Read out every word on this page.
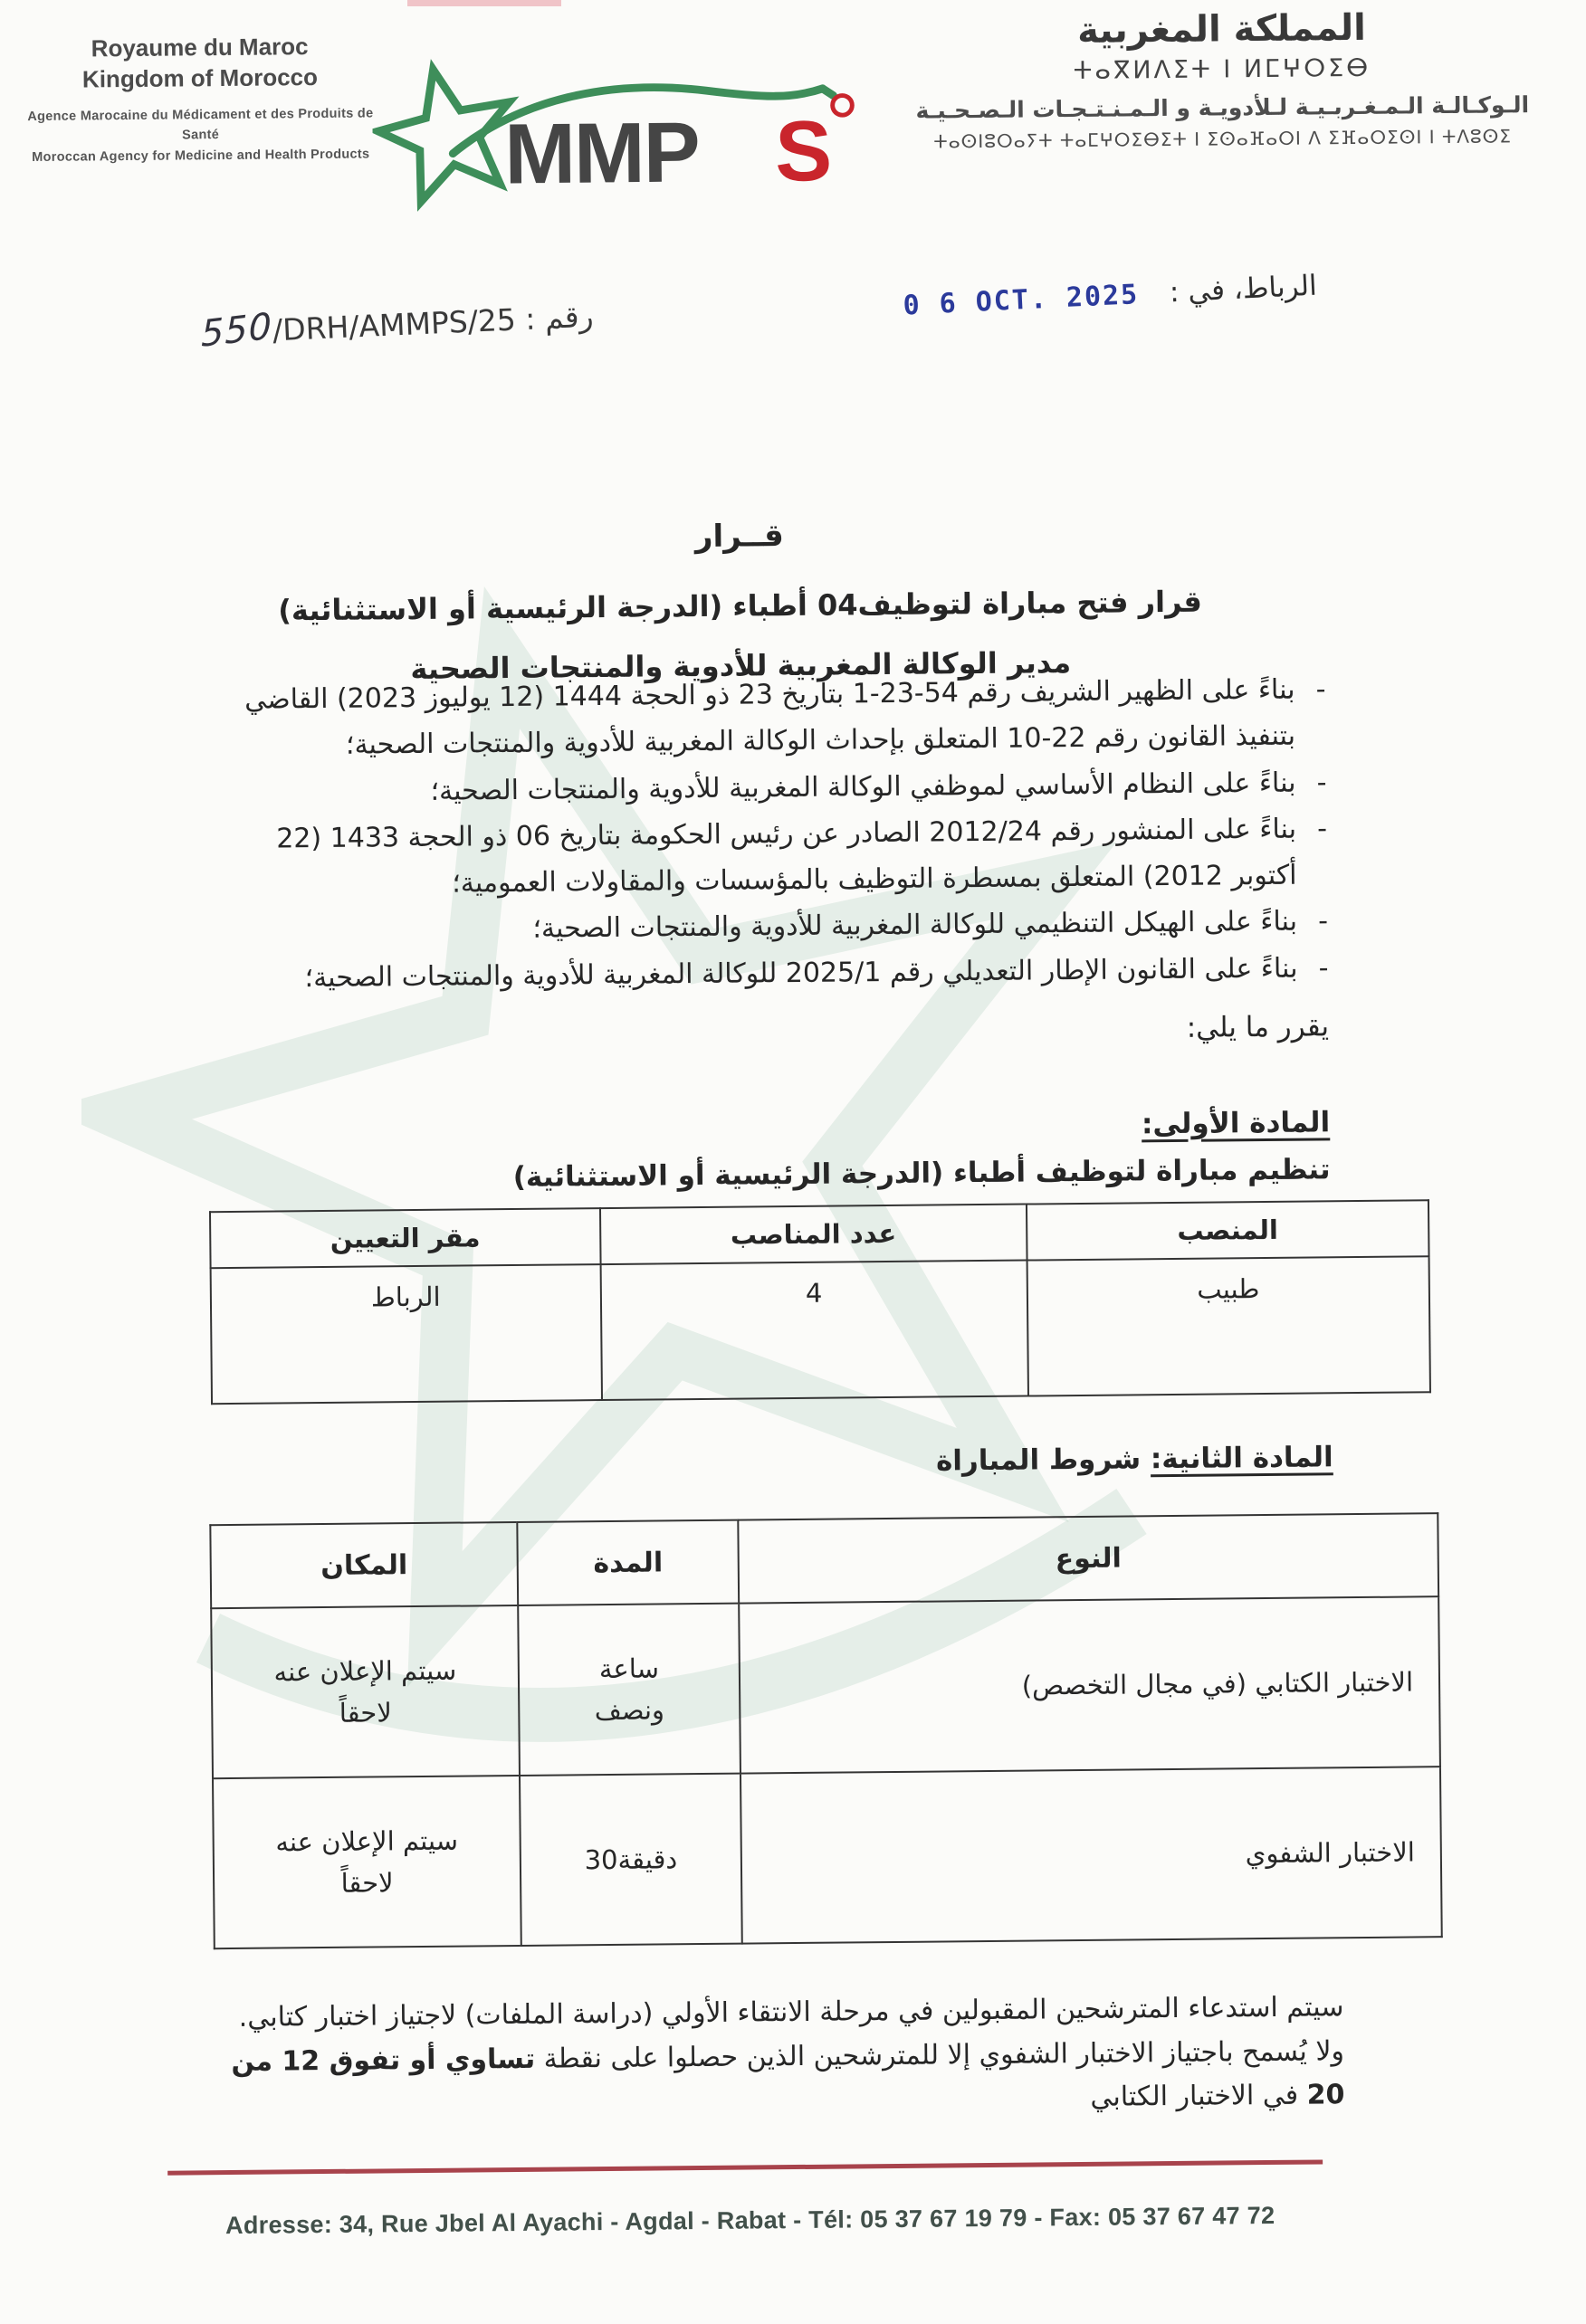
Royaume du Maroc
Kingdom of Morocco
Agence Marocaine du Médicament et des Produits de Santé
Moroccan Agency for Medicine and Health Products MMP S
المملكة المغربية
ⵜⴰⴳⵍⴷⵉⵜ ⵏ ⵍⵎⵖⵔⵉⴱ
الـوكـالـة الـمـغـربـيـة لـلأدويـة و الـمـنـتـجـات الـصـحـيـة
ⵜⴰⵙⵏⵓⵔⴰⵢⵜ ⵜⴰⵎⵖⵔⵉⴱⵉⵜ ⵏ ⵉⵙⴰⴼⴰⵔⵏ ⴷ ⵉⴼⴰⵔⵉⵙⵏ ⵏ ⵜⴷⵓⵙⵉ
0 6 OCT. 2025 الرباط، في :
رقم : 550/DRH/AMMPS/25
قــرار
قرار فتح مباراة لتوظيف04 أطباء (الدرجة الرئيسية أو الاستثنائية)
مدير الوكالة المغربية للأدوية والمنتجات الصحية
-
بناءً على الظهير الشريف رقم 54-23-1 بتاريخ 23 ذو الحجة 1444 (12 يوليوز 2023) القاضي بتنفيذ القانون رقم 22-10 المتعلق بإحداث الوكالة المغربية للأدوية والمنتجات الصحية؛
-
بناءً على النظام الأساسي لموظفي الوكالة المغربية للأدوية والمنتجات الصحية؛
-
بناءً على المنشور رقم 2012/24 الصادر عن رئيس الحكومة بتاريخ 06 ذو الحجة 1433 (22 أكتوبر 2012) المتعلق بمسطرة التوظيف بالمؤسسات والمقاولات العمومية؛
-
بناءً على الهيكل التنظيمي للوكالة المغربية للأدوية والمنتجات الصحية؛
-
بناءً على القانون الإطار التعديلي رقم 2025/1 للوكالة المغربية للأدوية والمنتجات الصحية؛
يقرر ما يلي:
المادة الأولى:
تنظيم مباراة لتوظيف أطباء (الدرجة الرئيسية أو الاستثنائية)
المنصب	عدد المناصب	مقر التعيين
طبيب	4	الرباط
المادة الثانية: شروط المباراة
النوع	المدة	المكان
الاختبار الكتابي (في مجال التخصص)	ساعة ونصف	سيتم الإعلان عنه لاحقاً
الاختبار الشفوي	30دقيقة	سيتم الإعلان عنه لاحقاً
سيتم استدعاء المترشحين المقبولين في مرحلة الانتقاء الأولي (دراسة الملفات) لاجتياز اختبار كتابي.
ولا يُسمح باجتياز الاختبار الشفوي إلا للمترشحين الذين حصلوا على نقطة تساوي أو تفوق 12 من 20 في الاختبار الكتابي
Adresse: 34, Rue Jbel Al Ayachi - Agdal - Rabat - Tél: 05 37 67 19 79 - Fax: 05 37 67 47 72
